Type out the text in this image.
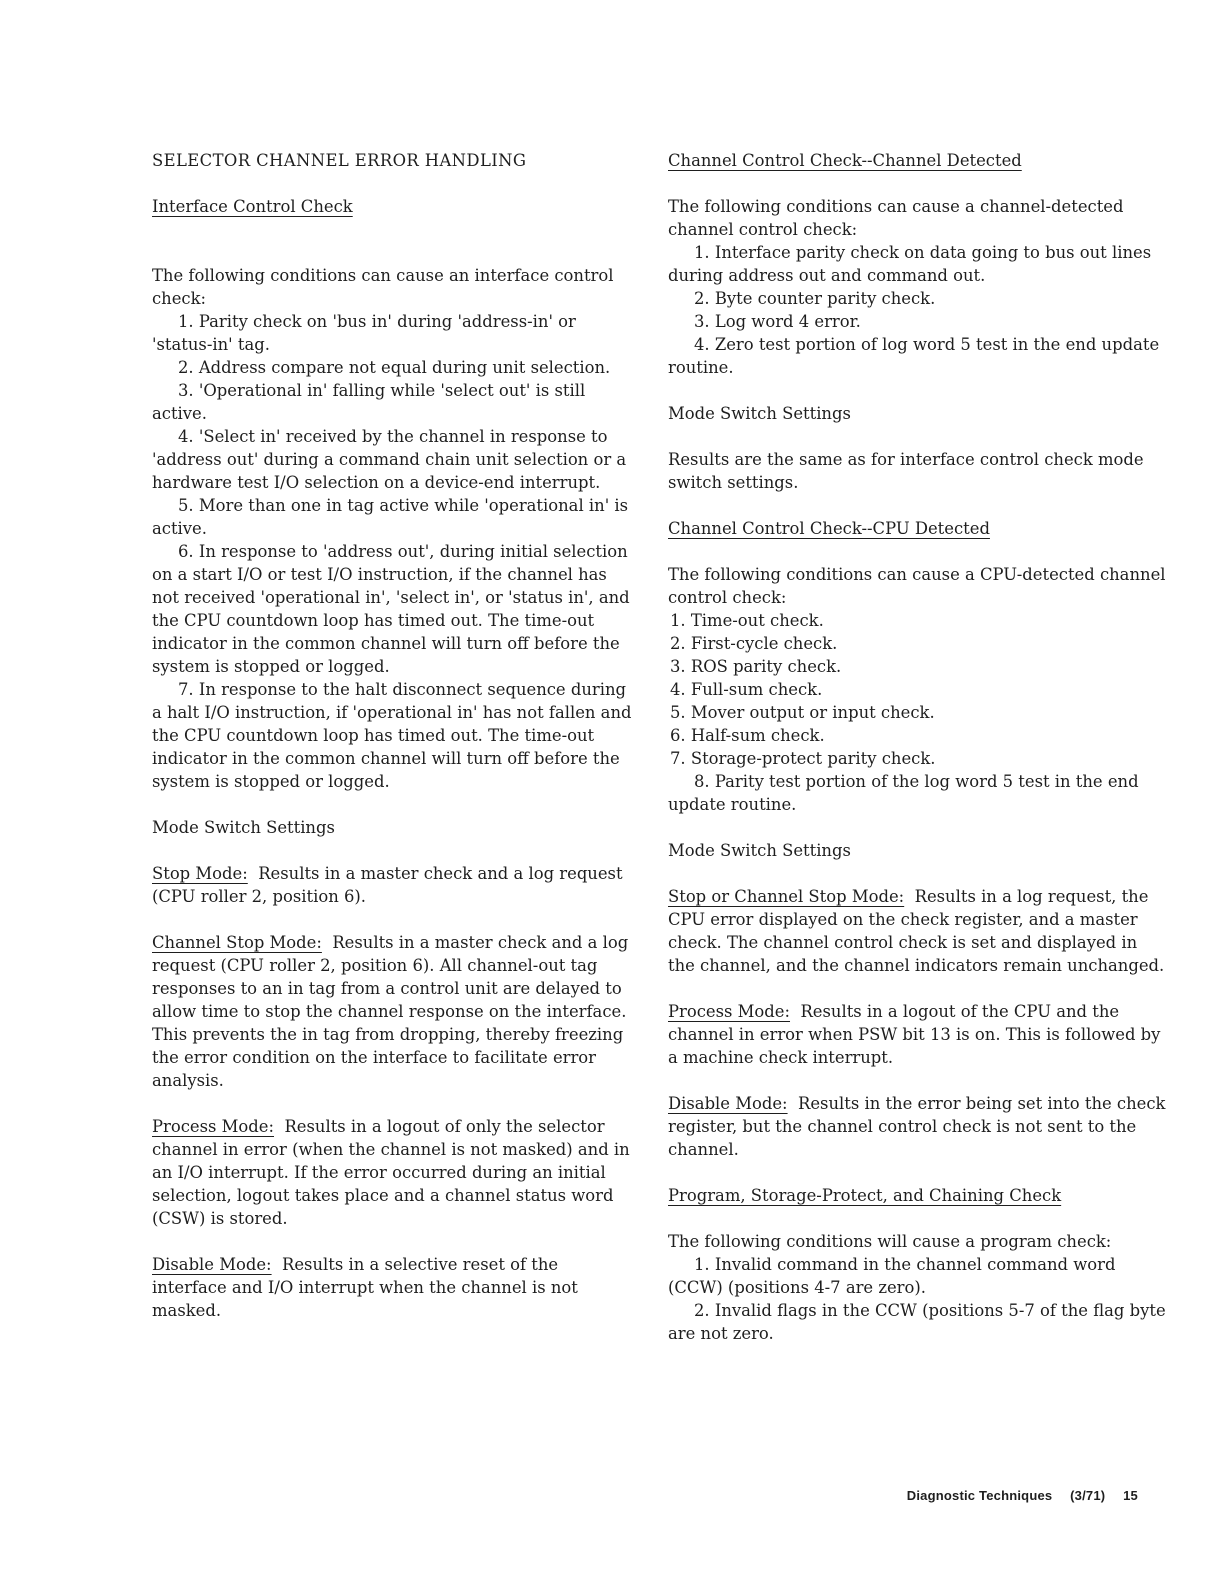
SELECTOR CHANNEL ERROR HANDLING
Interface Control Check

The following conditions can cause an interface control check:

1. Parity check on 'bus in' during 'address-in' or 'status-in' tag.

2. Address compare not equal during unit selection.

3. 'Operational in' falling while 'select out' is still active.

4. 'Select in' received by the channel in response to 'address out' during a command chain unit selection or a hardware test I/O selection on a device-end interrupt.

5. More than one in tag active while 'operational in' is active.

6. In response to 'address out', during initial selection on a start I/O or test I/O instruction, if the channel has not received 'operational in', 'select in', or 'status in', and the CPU countdown loop has timed out. The time-out indicator in the common channel will turn off before the system is stopped or logged.

7. In response to the halt disconnect sequence during a halt I/O instruction, if 'operational in' has not fallen and the CPU countdown loop has timed out. The time-out indicator in the common channel will turn off before the system is stopped or logged.

Mode Switch Settings

Stop Mode: Results in a master check and a log request (CPU roller 2, position 6).

Channel Stop Mode: Results in a master check and a log request (CPU roller 2, position 6). All channel-out tag responses to an in tag from a control unit are delayed to allow time to stop the channel response on the interface. This prevents the in tag from dropping, thereby freezing the error condition on the interface to facilitate error analysis.

Process Mode: Results in a logout of only the selector channel in error (when the channel is not masked) and in an I/O interrupt. If the error occurred during an initial selection, logout takes place and a channel status word (CSW) is stored.

Disable Mode: Results in a selective reset of the interface and I/O interrupt when the channel is not masked.

Channel Control Check--Channel Detected

The following conditions can cause a channel-detected channel control check:

1. Interface parity check on data going to bus out lines during address out and command out.

2. Byte counter parity check.

3. Log word 4 error.

4. Zero test portion of log word 5 test in the end update routine.

Mode Switch Settings

Results are the same as for interface control check mode switch settings.

Channel Control Check--CPU Detected

The following conditions can cause a CPU-detected channel control check:

1. Time-out check.

2. First-cycle check.

3. ROS parity check.

4. Full-sum check.

5. Mover output or input check.

6. Half-sum check.

7. Storage-protect parity check.

8. Parity test portion of the log word 5 test in the end update routine.

Mode Switch Settings

Stop or Channel Stop Mode: Results in a log request, the CPU error displayed on the check register, and a master check. The channel control check is set and displayed in the channel, and the channel indicators remain unchanged.

Process Mode: Results in a logout of the CPU and the channel in error when PSW bit 13 is on. This is followed by a machine check interrupt.

Disable Mode: Results in the error being set into the check register, but the channel control check is not sent to the channel.

Program, Storage-Protect, and Chaining Check

The following conditions will cause a program check:

1. Invalid command in the channel command word (CCW) (positions 4-7 are zero).

2. Invalid flags in the CCW (positions 5-7 of the flag byte are not zero.

Diagnostic Techniques (3/71) 15
